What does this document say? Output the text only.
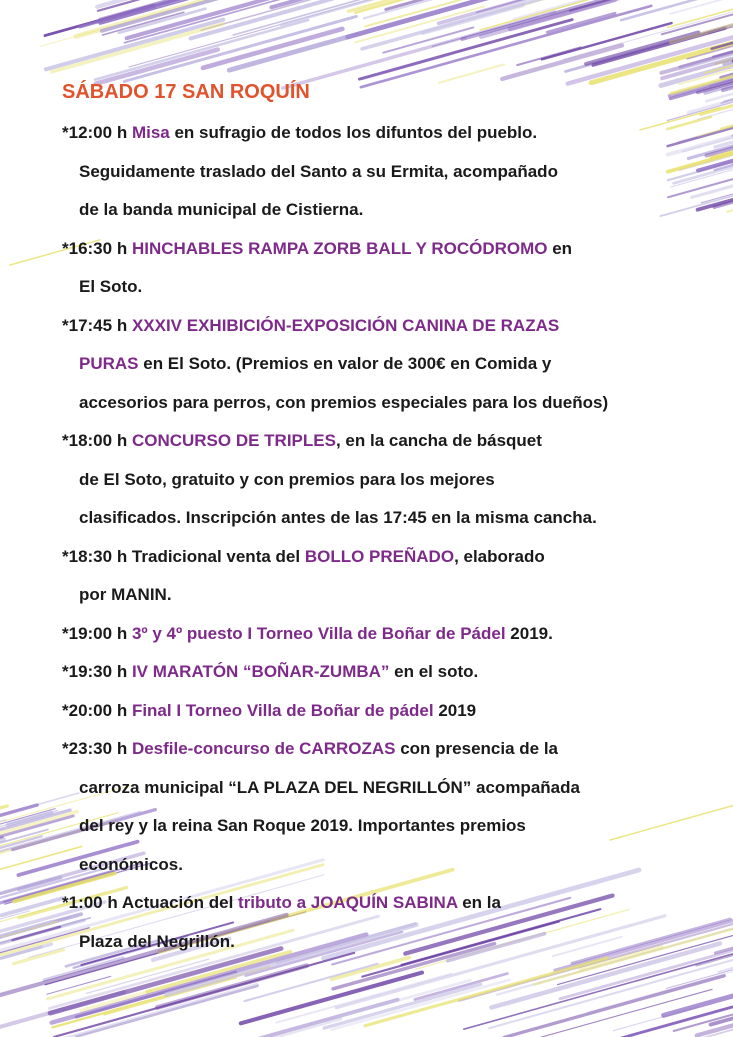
SÁBADO 17 SAN ROQUÍN
*12:00 h Misa en sufragio de todos los difuntos del pueblo.
Seguidamente traslado del Santo a su Ermita, acompañado
de la banda municipal de Cistierna.
*16:30 h HINCHABLES RAMPA ZORB BALL Y ROCÓDROMO en
El Soto.
*17:45 h XXXIV EXHIBICIÓN-EXPOSICIÓN CANINA DE RAZAS
PURAS en El Soto. (Premios en valor de 300€ en Comida y
accesorios para perros, con premios especiales para los dueños)
*18:00 h CONCURSO DE TRIPLES, en la cancha de básquet
de El Soto, gratuito y con premios para los mejores
clasificados. Inscripción antes de las 17:45 en la misma cancha.
*18:30 h Tradicional venta del BOLLO PREÑADO, elaborado
por MANIN.
*19:00 h 3º y 4º puesto I Torneo Villa de Boñar de Pádel 2019.
*19:30 h IV MARATÓN “BOÑAR-ZUMBA” en el soto.
*20:00 h Final I Torneo Villa de Boñar de pádel 2019
*23:30 h Desfile-concurso de CARROZAS con presencia de la
carroza municipal “LA PLAZA DEL NEGRILLÓN” acompañada
del rey y la reina San Roque 2019. Importantes premios
económicos.
*1:00 h Actuación del tributo a JOAQUÍN SABINA en la
Plaza del Negrillón.
